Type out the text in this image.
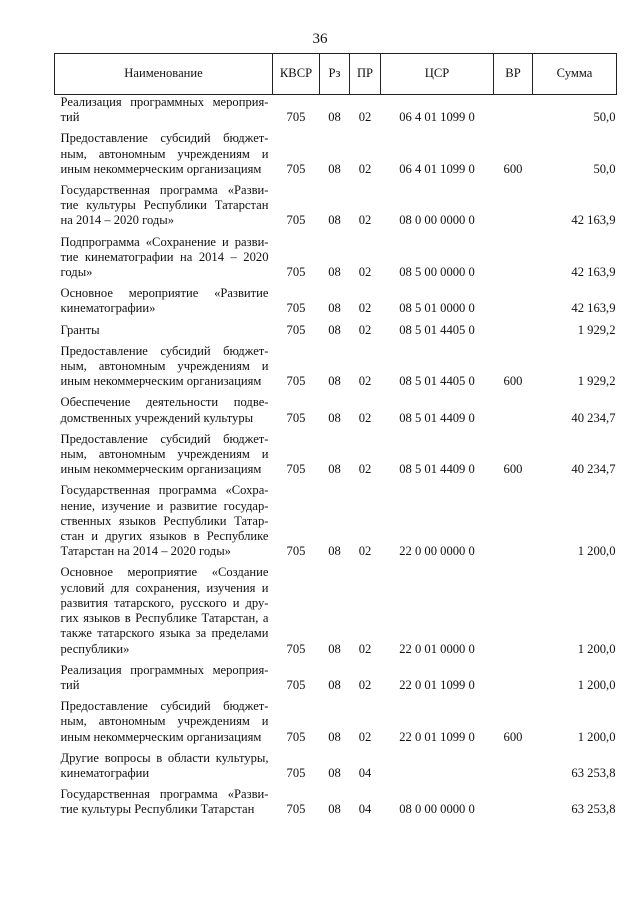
36
Наименование	КВСР	Рз	ПР	ЦСР	ВР	Сумма
Реализация программных мероприя-тий	705	08	02	06 4 01 1099 0		50,0
Предоставление субсидий бюджет-ным, автономным учреждениям и иным некоммерческим организациям	705	08	02	06 4 01 1099 0	600	50,0
Государственная программа «Разви-тие культуры Республики Татарстан на 2014 – 2020 годы»	705	08	02	08 0 00 0000 0		42 163,9
Подпрограмма «Сохранение и разви-тие кинематографии на 2014 – 2020 годы»	705	08	02	08 5 00 0000 0		42 163,9
Основное мероприятие «Развитие кинематографии»	705	08	02	08 5 01 0000 0		42 163,9
Гранты	705	08	02	08 5 01 4405 0		1 929,2
Предоставление субсидий бюджет-ным, автономным учреждениям и иным некоммерческим организациям	705	08	02	08 5 01 4405 0	600	1 929,2
Обеспечение деятельности подве-домственных учреждений культуры	705	08	02	08 5 01 4409 0		40 234,7
Предоставление субсидий бюджет-ным, автономным учреждениям и иным некоммерческим организациям	705	08	02	08 5 01 4409 0	600	40 234,7
Государственная программа «Сохра-нение, изучение и развитие государ-ственных языков Республики Татар-стан и других языков в Республике Татарстан на 2014 – 2020 годы»	705	08	02	22 0 00 0000 0		1 200,0
Основное мероприятие «Создание условий для сохранения, изучения и развития татарского, русского и дру-гих языков в Республике Татарстан, а также татарского языка за пределами республики»	705	08	02	22 0 01 0000 0		1 200,0
Реализация программных мероприя-тий	705	08	02	22 0 01 1099 0		1 200,0
Предоставление субсидий бюджет-ным, автономным учреждениям и иным некоммерческим организациям	705	08	02	22 0 01 1099 0	600	1 200,0
Другие вопросы в области культуры, кинематографии	705	08	04			63 253,8
Государственная программа «Разви-тие культуры Республики Татарстан	705	08	04	08 0 00 0000 0		63 253,8
